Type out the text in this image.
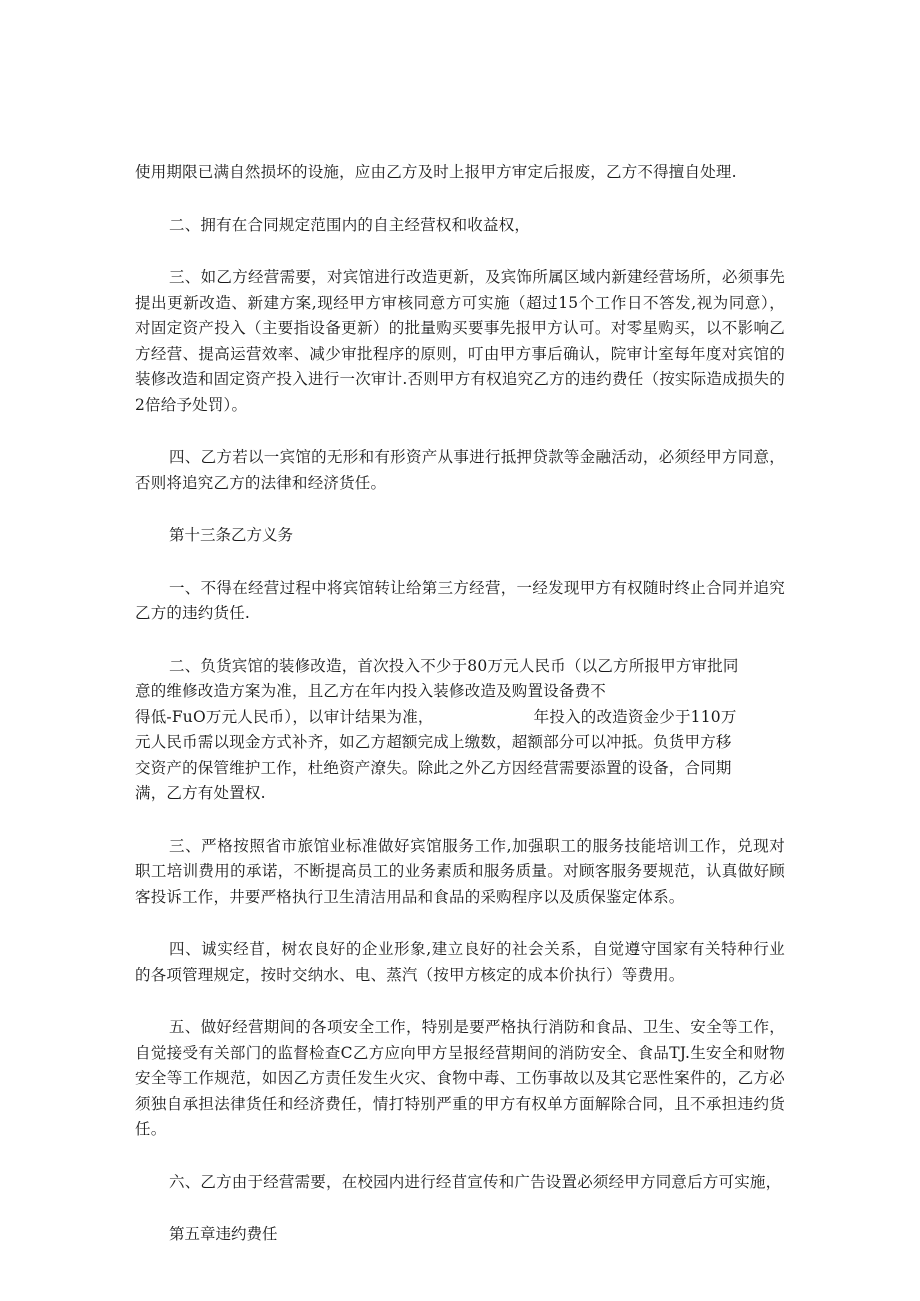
使用期限已满自然损坏的设施，应由乙方及时上报甲方审定后报废，乙方不得擅自处理.

二、拥有在合同规定范围内的自主经营权和收益权，

三、如乙方经营需要，对宾馆进行改造更新，及宾饰所属区域内新建经营场所，必须事先提出更新改造、新建方案,现经甲方审核同意方可实施（超过15个工作日不答发,视为同意），对固定资产投入（主要指设备更新）的批量购买要事先报甲方认可。对零星购买，以不影响乙方经营、提高运营效率、减少审批程序的原则，叮由甲方事后确认，院审计室每年度对宾馆的装修改造和固定资产投入进行一次审计.否则甲方有权追究乙方的违约费任（按实际造成损失的2倍给予处罚）。

四、乙方若以一宾馆的无形和有形资产从事进行抵押贷款等金融活动，必须经甲方同意，否则将追究乙方的法律和经济货任。

第十三条乙方义务

一、不得在经营过程中将宾馆转让给第三方经营，一经发现甲方有权随时终止合同并追究乙方的违约货任.

二、负货宾馆的装修改造，首次投入不少于80万元人民币（以乙方所报甲方审批同
意的维修改造方案为准，且乙方在年内投入装修改造及购置设备费不
得低-FuO万元人民币），以审计结果为准，	年投入的改造资金少于110万
元人民币需以现金方式补齐，如乙方超额完成上缴数，超额部分可以冲抵。负货甲方移
交资产的保管维护工作，杜绝资产潦失。除此之外乙方因经营需要添置的设备，合同期
满，乙方有处置权.

三、严格按照省市旅馆业标准做好宾馆服务工作,加强职工的服务技能培训工作，兑现对职工培训费用的承诺，不断提高员工的业务素质和服务质量。对顾客服务要规范，认真做好顾客投诉工作，井要严格执行卫生清洁用品和食品的采购程序以及质保鉴定体系。

四、诚实经苜，树农良好的企业形象,建立良好的社会关系，自觉遵守国家有关特种行业的各项管理规定，按时交纳水、电、蒸汽（按甲方核定的成本价执行）等费用。

五、做好经营期间的各项安全工作，特别是要严格执行消防和食品、卫生、安全等工作，自觉接受有关部门的监督检查C乙方应向甲方呈报经营期间的消防安全、食品TJ.生安全和财物安全等工作规范，如因乙方责任发生火灾、食物中毒、工伤事故以及其它恶性案件的，乙方必须独自承担法律货任和经济费任，情打特别严重的甲方有权单方面解除合同，且不承担违约货任。

六、乙方由于经营需要，在校园内进行经苜宣传和广告设置必须经甲方同意后方可实施，

第五章违约费任
